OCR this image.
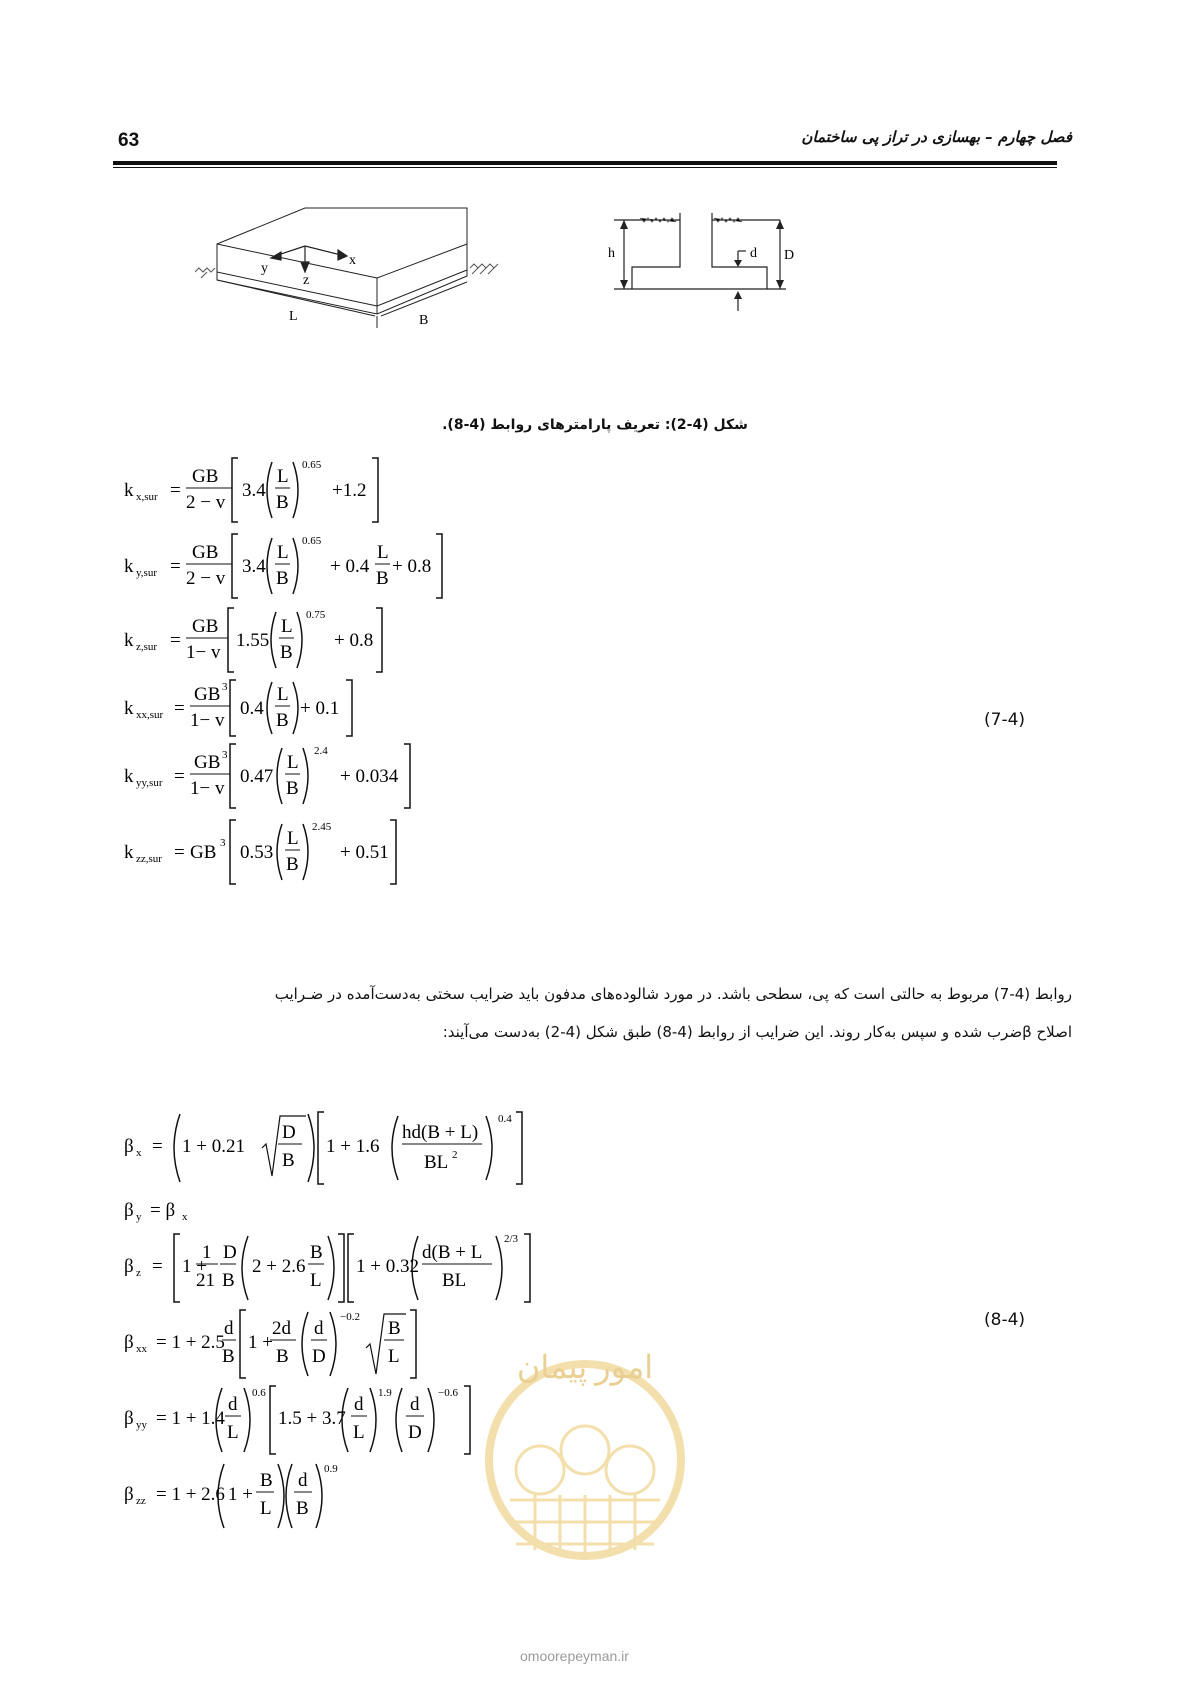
فصل چهارم – بهسازی در تراز پی ساختمان
63
x
y
z
L	B
h	d D
شکل (4-2): تعریف پارامترهای روابط (4-8).
k x,sur =
GB
2 − v
3.4
L
B
0.65
+1.2
k y,sur =
GB
2 − v
3.4
L
B
0.65
+ 0.4
L
B
+ 0.8
k z,sur =
GB
1− v
1.55
L
B
0.75
+ 0.8
k xx,sur =
GB 3
1− v
0.4
L
B
+ 0.1
k yy,sur =
GB 3
1− v
0.47
L
B
2.4
+ 0.034
k zz,sur = GB 3 0.53
L
B
2.45
+ 0.51
(7-4)
روابط (4-7) مربوط به حالتی است که پی، سطحی باشد. در مورد شالوده‌های مدفون باید ضرایب سختی به‌دست‌آمده در ضـرایب
اصلاح βضرب شده و سپس به‌کار روند. این ضرایب از روابط (4-8) طبق شکل (4-2) به‌دست می‌آیند:
β x = 1 + 0.21
D
B
1 + 1.6
hd(B + L)
BL 2
0.4
β y = β x
β z = 1 +
1
21
D
B
2 + 2.6
B
L
1 + 0.32
d(B + L
BL
2/3
β xx = 1 + 2.5
d
B
1 +
2d
B
d
D
−0.2
B
L
β yy = 1 + 1.4
d
L
0.6
1.5 + 3.7
d
L
1.9
d
D
−0.6
β zz = 1 + 2.6 1 +
B
L
d
B
0.9
(8-4)
امور پیمان
omoorepeyman.ir
